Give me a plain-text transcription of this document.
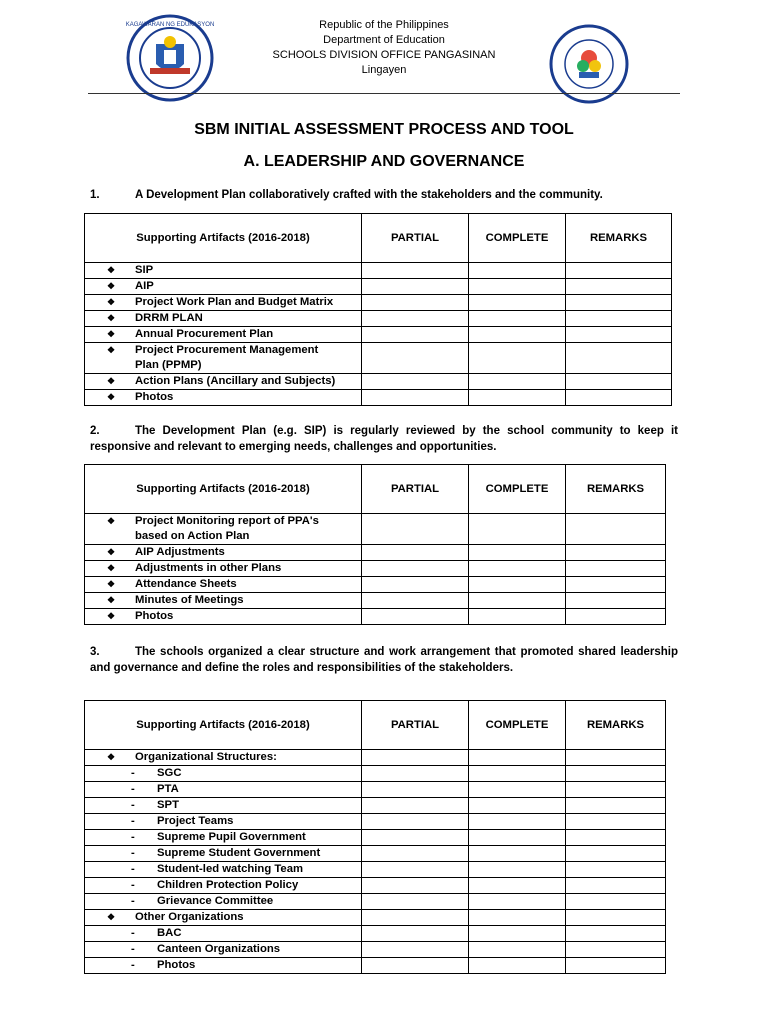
KAGAWARAN NG EDUKASYON	Republic of the Philippines
Department of Education
SCHOOLS DIVISION OFFICE PANGASINAN
Lingayen
SBM INITIAL ASSESSMENT PROCESS AND TOOL
A. LEADERSHIP AND GOVERNANCE
1.	A Development Plan collaboratively crafted with the stakeholders and the community.
Supporting Artifacts (2016-2018)	PARTIAL	COMPLETE	REMARKS
❖ SIP			
❖ AIP			
❖ Project Work Plan and Budget Matrix			
❖ DRRM PLAN			
❖ Annual Procurement Plan			

❖ Project Procurement Management Plan (PPMP)			

❖ Action Plans (Ancillary and Subjects)			
❖ Photos			
2.	The Development Plan (e.g. SIP) is regularly reviewed by the school community to keep it responsive and relevant to emerging needs, challenges and opportunities.
Supporting Artifacts (2016-2018)	PARTIAL	COMPLETE	REMARKS

❖ Project Monitoring report of PPA's based on Action Plan			

❖ AIP Adjustments			
❖ Adjustments in other Plans			
❖ Attendance Sheets			
❖ Minutes of Meetings			
❖ Photos			
3.	The schools organized a clear structure and work arrangement that promoted shared leadership and governance and define the roles and responsibilities of the stakeholders.
Supporting Artifacts (2016-2018)	PARTIAL	COMPLETE	REMARKS
❖ Organizational Structures:			
- SGC			
- PTA			
- SPT			
- Project Teams			
- Supreme Pupil Government			
- Supreme Student Government			
- Student-led watching Team			
- Children Protection Policy			
- Grievance Committee			
❖ Other Organizations			
- BAC			
- Canteen Organizations			
- Photos			
